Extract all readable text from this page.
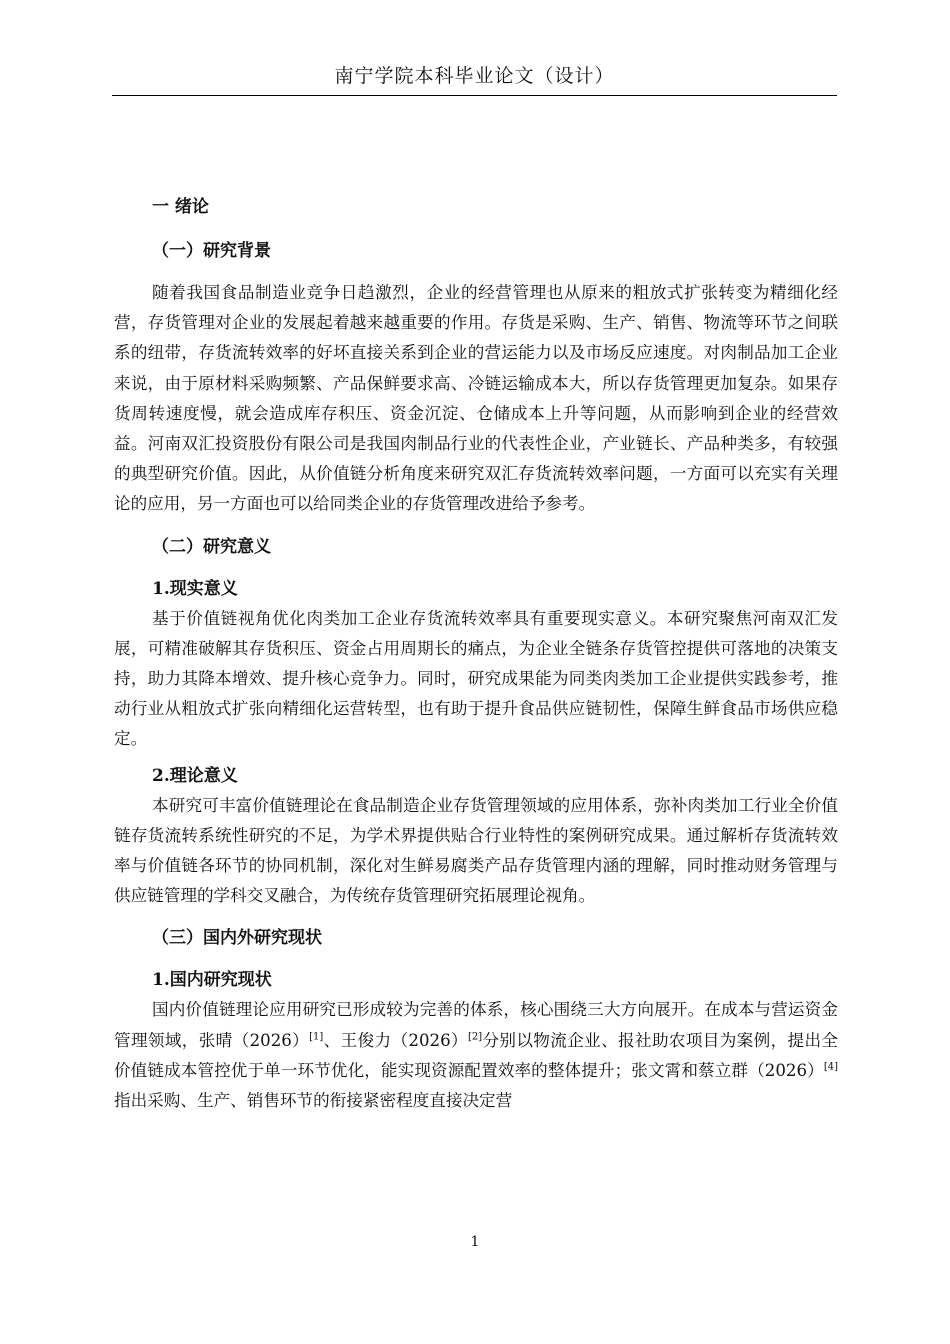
南宁学院本科毕业论文（设计）
一 绪论
（一）研究背景

随着我国食品制造业竞争日趋激烈，企业的经营管理也从原来的粗放式扩张转变为精细化经营，存货管理对企业的发展起着越来越重要的作用。存货是采购、生产、销售、物流等环节之间联系的纽带，存货流转效率的好坏直接关系到企业的营运能力以及市场反应速度。对肉制品加工企业来说，由于原材料采购频繁、产品保鲜要求高、冷链运输成本大，所以存货管理更加复杂。如果存货周转速度慢，就会造成库存积压、资金沉淀、仓储成本上升等问题，从而影响到企业的经营效益。河南双汇投资股份有限公司是我国肉制品行业的代表性企业，产业链长、产品种类多，有较强的典型研究价值。因此，从价值链分析角度来研究双汇存货流转效率问题，一方面可以充实有关理论的应用，另一方面也可以给同类企业的存货管理改进给予参考。

（二）研究意义
1.现实意义

基于价值链视角优化肉类加工企业存货流转效率具有重要现实意义。本研究聚焦河南双汇发展，可精准破解其存货积压、资金占用周期长的痛点，为企业全链条存货管控提供可落地的决策支持，助力其降本增效、提升核心竞争力。同时，研究成果能为同类肉类加工企业提供实践参考，推动行业从粗放式扩张向精细化运营转型，也有助于提升食品供应链韧性，保障生鲜食品市场供应稳定。

2.理论意义

本研究可丰富价值链理论在食品制造企业存货管理领域的应用体系，弥补肉类加工行业全价值链存货流转系统性研究的不足，为学术界提供贴合行业特性的案例研究成果。通过解析存货流转效率与价值链各环节的协同机制，深化对生鲜易腐类产品存货管理内涵的理解，同时推动财务管理与供应链管理的学科交叉融合，为传统存货管理研究拓展理论视角。

（三）国内外研究现状
1.国内研究现状

国内价值链理论应用研究已形成较为完善的体系，核心围绕三大方向展开。在成本与营运资金管理领域，张晴（2026）[1]、王俊力（2026）[2]分别以物流企业、报社助农项目为案例，提出全价值链成本管控优于单一环节优化，能实现资源配置效率的整体提升；张文霄和蔡立群（2026）[4]指出采购、生产、销售环节的衔接紧密程度直接决定营

1
